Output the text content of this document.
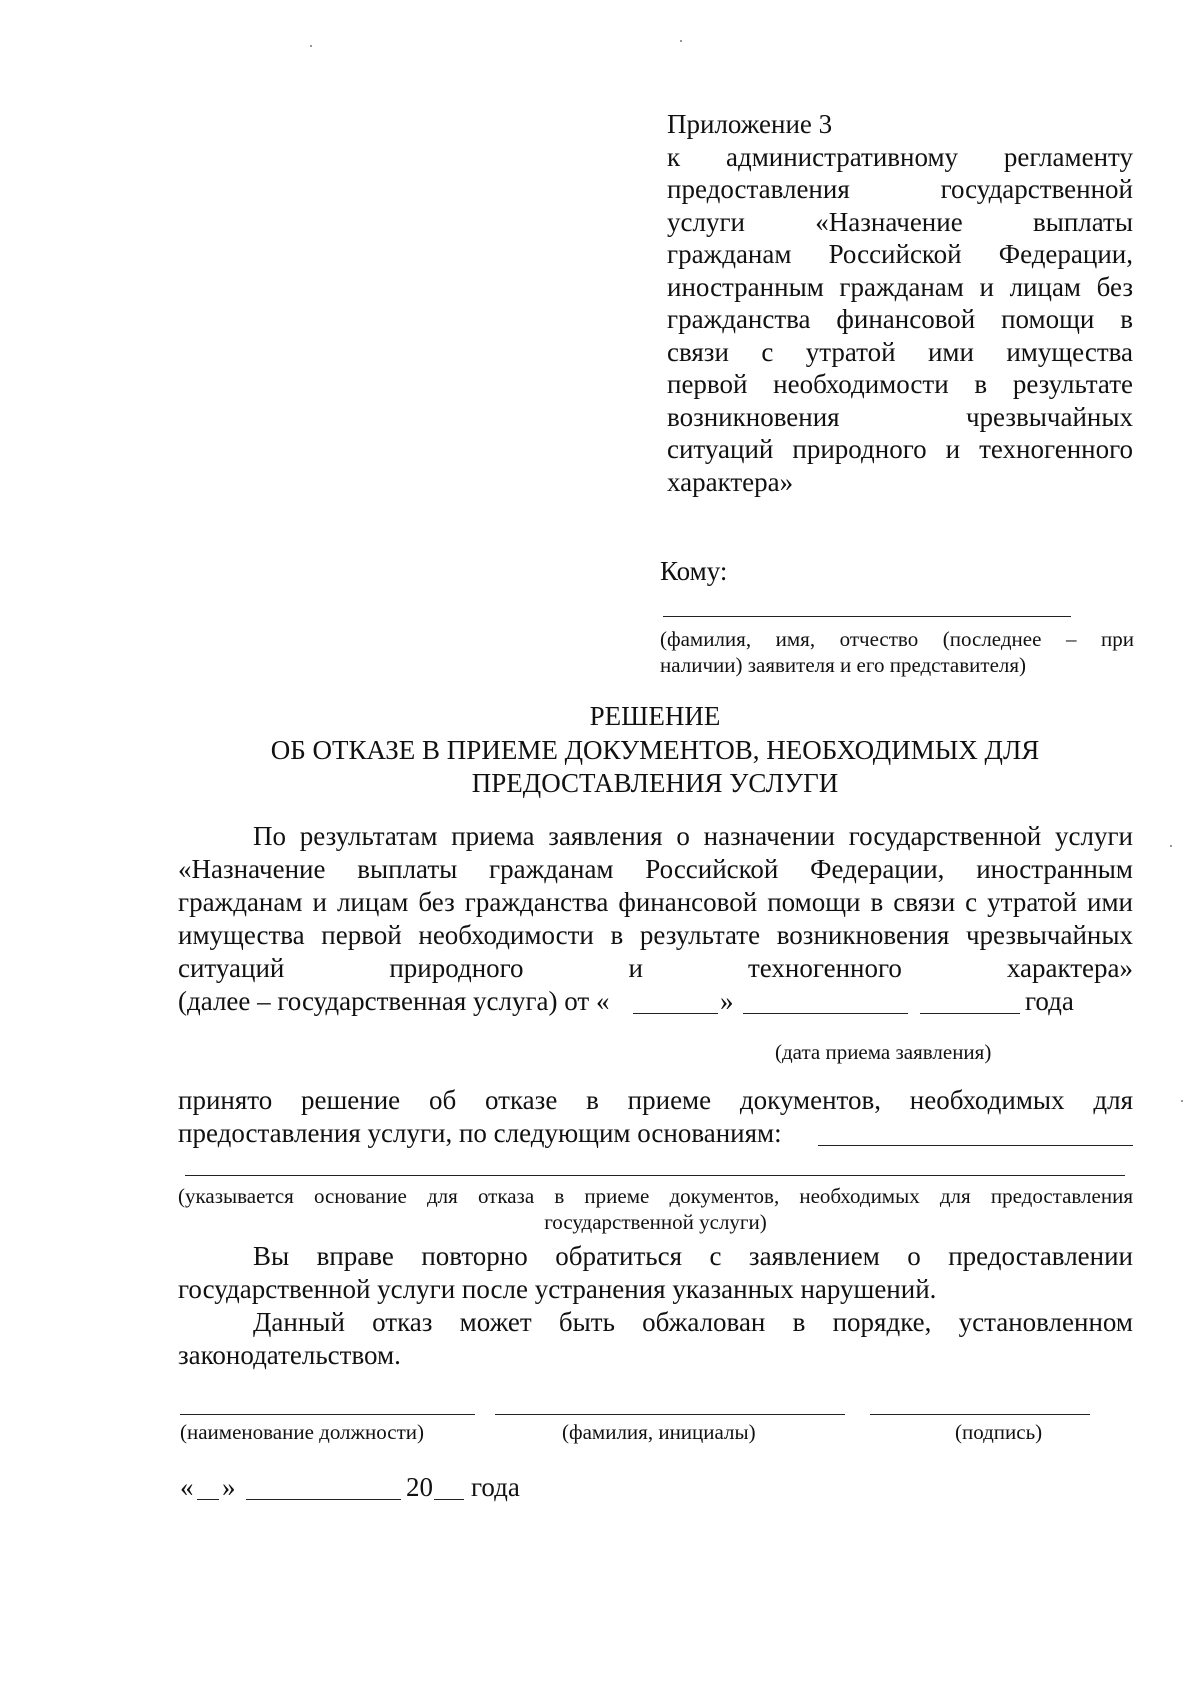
Приложение 3
к административному регламенту
предоставления государственной
услуги «Назначение выплаты
гражданам Российской Федерации,
иностранным гражданам и лицам без
гражданства финансовой помощи в
связи с утратой ими имущества
первой необходимости в результате
возникновения чрезвычайных
ситуаций природного и техногенного
характера»
Кому:
(фамилия, имя, отчество (последнее – при
наличии) заявителя и его представителя)
РЕШЕНИЕ
ОБ ОТКАЗЕ В ПРИЕМЕ ДОКУМЕНТОВ, НЕОБХОДИМЫХ ДЛЯ
ПРЕДОСТАВЛЕНИЯ УСЛУГИ
По результатам приема заявления о назначении государственной услуги
«Назначение выплаты гражданам Российской Федерации, иностранным
гражданам и лицам без гражданства финансовой помощи в связи с утратой ими
имущества первой необходимости в результате возникновения чрезвычайных
ситуаций природного и техногенного характера»
(далее – государственная услуга) от «	»	года
(дата приема заявления)
принято решение об отказе в приеме документов, необходимых для
предоставления услуги, по следующим основаниям:
(указывается основание для отказа в приеме документов, необходимых для предоставления
государственной услуги)
Вы вправе повторно обратиться с заявлением о предоставлении
государственной услуги после устранения указанных нарушений.
Данный отказ может быть обжалован в порядке, установленном
законодательством.
(наименование должности)	(фамилия, инициалы)	(подпись)
« »	20 года
